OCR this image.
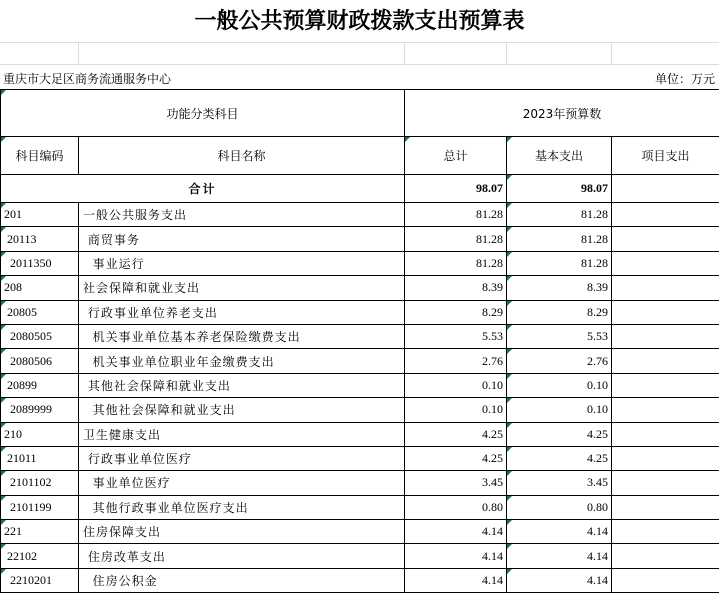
一般公共预算财政拨款支出预算表
重庆市大足区商务流通服务中心	单位：万元
功能分类科目		2023年预算数		
科目编码	科目名称	总计	基本支出	项目支出
合计		98.07	98.07	
201	一般公共服务支出	81.28	81.28	
20113	商贸事务	81.28	81.28	
2011350	事业运行	81.28	81.28	
208	社会保障和就业支出	8.39	8.39	
20805	行政事业单位养老支出	8.29	8.29	
2080505	机关事业单位基本养老保险缴费支出	5.53	5.53	
2080506	机关事业单位职业年金缴费支出	2.76	2.76	
20899	其他社会保障和就业支出	0.10	0.10	
2089999	其他社会保障和就业支出	0.10	0.10	
210	卫生健康支出	4.25	4.25	
21011	行政事业单位医疗	4.25	4.25	
2101102	事业单位医疗	3.45	3.45	
2101199	其他行政事业单位医疗支出	0.80	0.80	
221	住房保障支出	4.14	4.14	
22102	住房改革支出	4.14	4.14	
2210201	住房公积金	4.14	4.14	
